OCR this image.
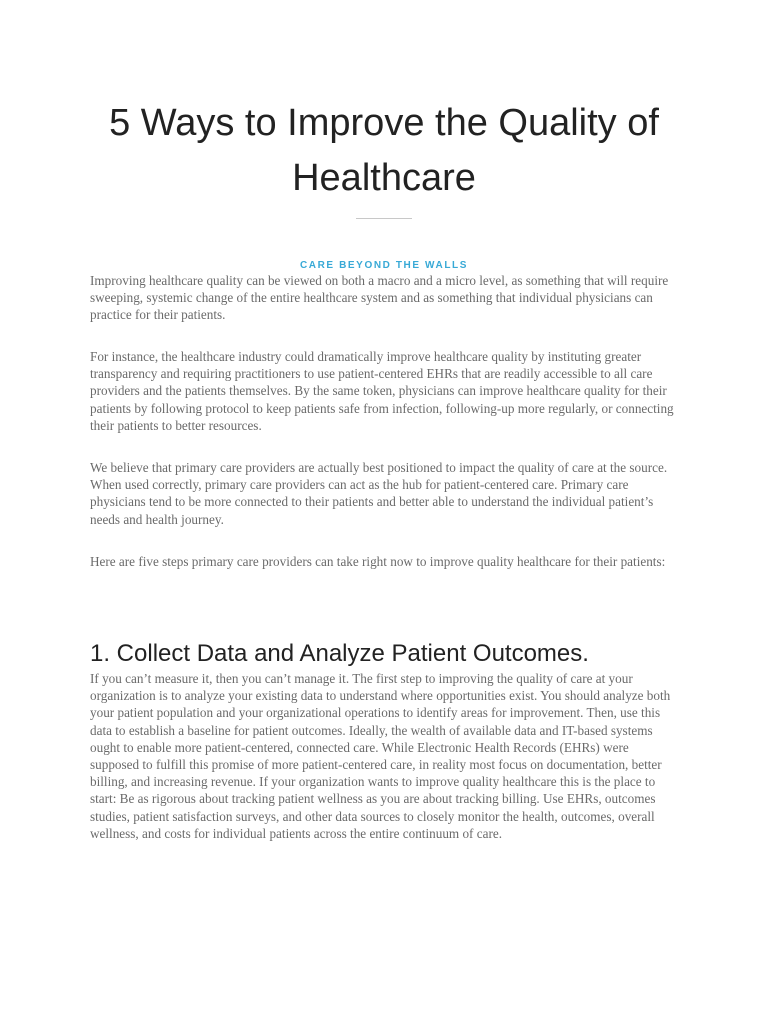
5 Ways to Improve the Quality of Healthcare
CARE BEYOND THE WALLS

Improving healthcare quality can be viewed on both a macro and a micro level, as something that will require sweeping, systemic change of the entire healthcare system and as something that individual physicians can practice for their patients.

For instance, the healthcare industry could dramatically improve healthcare quality by instituting greater transparency and requiring practitioners to use patient-centered EHRs that are readily accessible to all care providers and the patients themselves. By the same token, physicians can improve healthcare quality for their patients by following protocol to keep patients safe from infection, following-up more regularly, or connecting their patients to better resources.

We believe that primary care providers are actually best positioned to impact the quality of care at the source. When used correctly, primary care providers can act as the hub for patient-centered care. Primary care physicians tend to be more connected to their patients and better able to understand the individual patient’s needs and health journey.

Here are five steps primary care providers can take right now to improve quality healthcare for their patients:

1. Collect Data and Analyze Patient Outcomes.

If you can’t measure it, then you can’t manage it. The first step to improving the quality of care at your organization is to analyze your existing data to understand where opportunities exist. You should analyze both your patient population and your organizational operations to identify areas for improvement. Then, use this data to establish a baseline for patient outcomes. Ideally, the wealth of available data and IT-based systems ought to enable more patient-centered, connected care. While Electronic Health Records (EHRs) were supposed to fulfill this promise of more patient-centered care, in reality most focus on documentation, better billing, and increasing revenue. If your organization wants to improve quality healthcare this is the place to start: Be as rigorous about tracking patient wellness as you are about tracking billing. Use EHRs, outcomes studies, patient satisfaction surveys, and other data sources to closely monitor the health, outcomes, overall wellness, and costs for individual patients across the entire continuum of care.
